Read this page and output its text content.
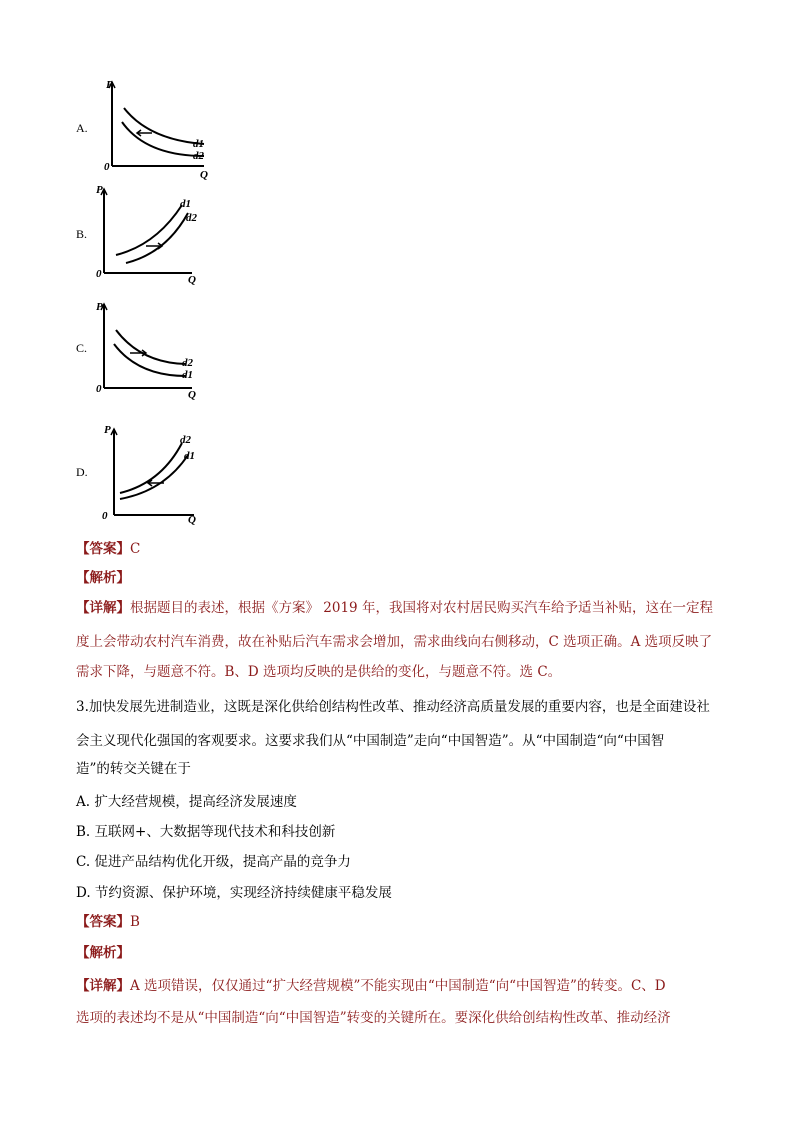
A.
P
0
Q
d1
d2
B.
P
0	Q
d1
d2
C.
P
0	Q
d2
d1
D.
P
0	Q
d2
d1
【答案】C
【解析】
【详解】根据题目的表述，根据《方案》 2019 年，我国将对农村居民购买汽车给予适当补贴，这在一定程
度上会带动农村汽车消费，故在补贴后汽车需求会增加，需求曲线向右侧移动，C 选项正确。A 选项反映了
需求下降，与题意不符。B、D 选项均反映的是供给的变化，与题意不符。选 C。
3.加快发展先进制造业，这既是深化供给创结构性改革、推动经济高质量发展的重要内容，也是全面建设社
会主义现代化强国的客观要求。这要求我们从“中国制造”走向“中国智造”。从“中国制造“向“中国智
造”的转交关键在于
A. 扩大经营规模，提高经济发展速度
B. 互联网+、大数据等现代技术和科技创新
C. 促进产品结构优化开级，提高产晶的竞争力
D. 节约资源、保护环境，实现经济持续健康平稳发展
【答案】B
【解析】
【详解】A 选项错误，仅仅通过“扩大经营规模”不能实现由“中国制造“向“中国智造”的转变。C、D
选项的表述均不是从“中国制造“向“中国智造”转变的关键所在。要深化供给创结构性改革、推动经济
